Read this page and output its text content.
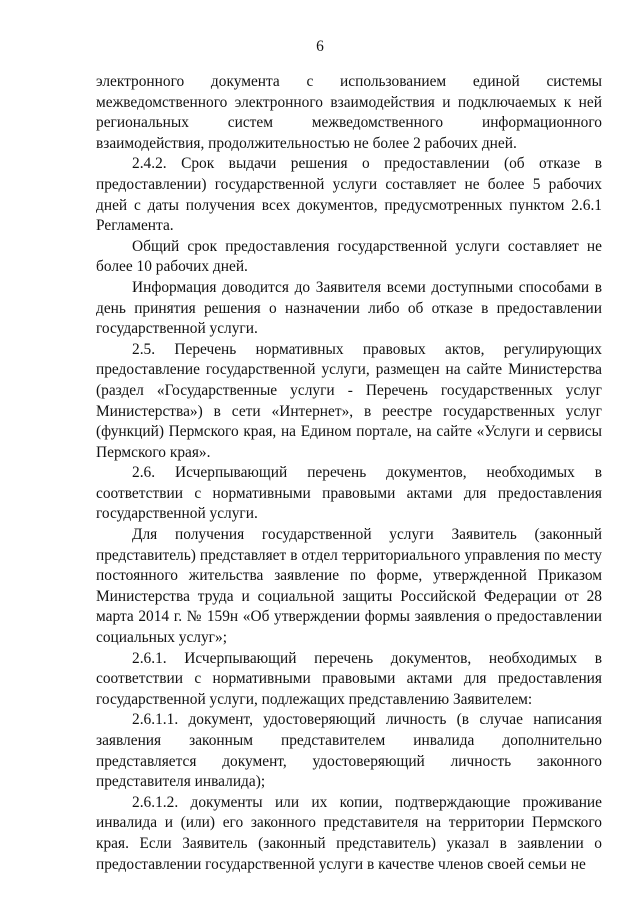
6

электронного документа с использованием единой системы межведомственного электронного взаимодействия и подключаемых к ней региональных систем межведомственного информационного взаимодействия, продолжительностью не более 2 рабочих дней.

2.4.2. Срок выдачи решения о предоставлении (об отказе в предоставлении) государственной услуги составляет не более 5 рабочих дней с даты получения всех документов, предусмотренных пунктом 2.6.1 Регламента.

Общий срок предоставления государственной услуги составляет не более 10 рабочих дней.

Информация доводится до Заявителя всеми доступными способами в день принятия решения о назначении либо об отказе в предоставлении государственной услуги.

2.5. Перечень нормативных правовых актов, регулирующих предоставление государственной услуги, размещен на сайте Министерства (раздел «Государственные услуги - Перечень государственных услуг Министерства») в сети «Интернет», в реестре государственных услуг (функций) Пермского края, на Едином портале, на сайте «Услуги и сервисы Пермского края».

2.6. Исчерпывающий перечень документов, необходимых в соответствии с нормативными правовыми актами для предоставления государственной услуги.

Для получения государственной услуги Заявитель (законный представитель) представляет в отдел территориального управления по месту постоянного жительства заявление по форме, утвержденной Приказом Министерства труда и социальной защиты Российской Федерации от 28 марта 2014 г. № 159н «Об утверждении формы заявления о предоставлении социальных услуг»;

2.6.1. Исчерпывающий перечень документов, необходимых в соответствии с нормативными правовыми актами для предоставления государственной услуги, подлежащих представлению Заявителем:

2.6.1.1. документ, удостоверяющий личность (в случае написания заявления законным представителем инвалида дополнительно представляется документ, удостоверяющий личность законного представителя инвалида);

2.6.1.2. документы или их копии, подтверждающие проживание инвалида и (или) его законного представителя на территории Пермского края. Если Заявитель (законный представитель) указал в заявлении о предоставлении государственной услуги в качестве членов своей семьи не
